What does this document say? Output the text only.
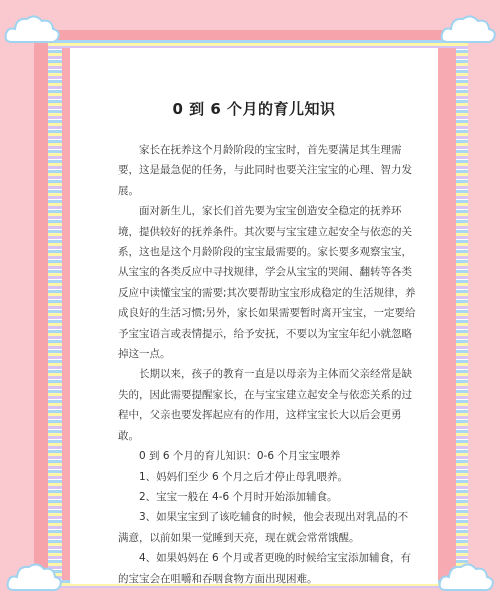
0 到 6 个月的育儿知识

家长在抚养这个月龄阶段的宝宝时，首先要满足其生理需要，这是最急促的任务，与此同时也要关注宝宝的心理、智力发展。

面对新生儿，家长们首先要为宝宝创造安全稳定的抚养环境，提供较好的抚养条件。其次要与宝宝建立起安全与依恋的关系，这也是这个月龄阶段的宝宝最需要的。家长要多观察宝宝，从宝宝的各类反应中寻找规律，学会从宝宝的哭闹、翻转等各类反应中读懂宝宝的需要;其次要帮助宝宝形成稳定的生活规律，养成良好的生活习惯;另外，家长如果需要暂时离开宝宝，一定要给予宝宝语言或表情提示，给予安抚，不要以为宝宝年纪小就忽略掉这一点。

长期以来，孩子的教育一直是以母亲为主体而父亲经常是缺失的，因此需要提醒家长，在与宝宝建立起安全与依恋关系的过程中，父亲也要发挥起应有的作用，这样宝宝长大以后会更勇敢。

0 到 6 个月的育儿知识：0-6 个月宝宝喂养

1、妈妈们至少 6 个月之后才停止母乳喂养。

2、宝宝一般在 4-6 个月时开始添加辅食。

3、如果宝宝到了该吃辅食的时候，他会表现出对乳品的不满意，以前如果一觉睡到天亮，现在就会常常饿醒。

4、如果妈妈在 6 个月或者更晚的时候给宝宝添加辅食，有的宝宝会在咀嚼和吞咽食物方面出现困难。
